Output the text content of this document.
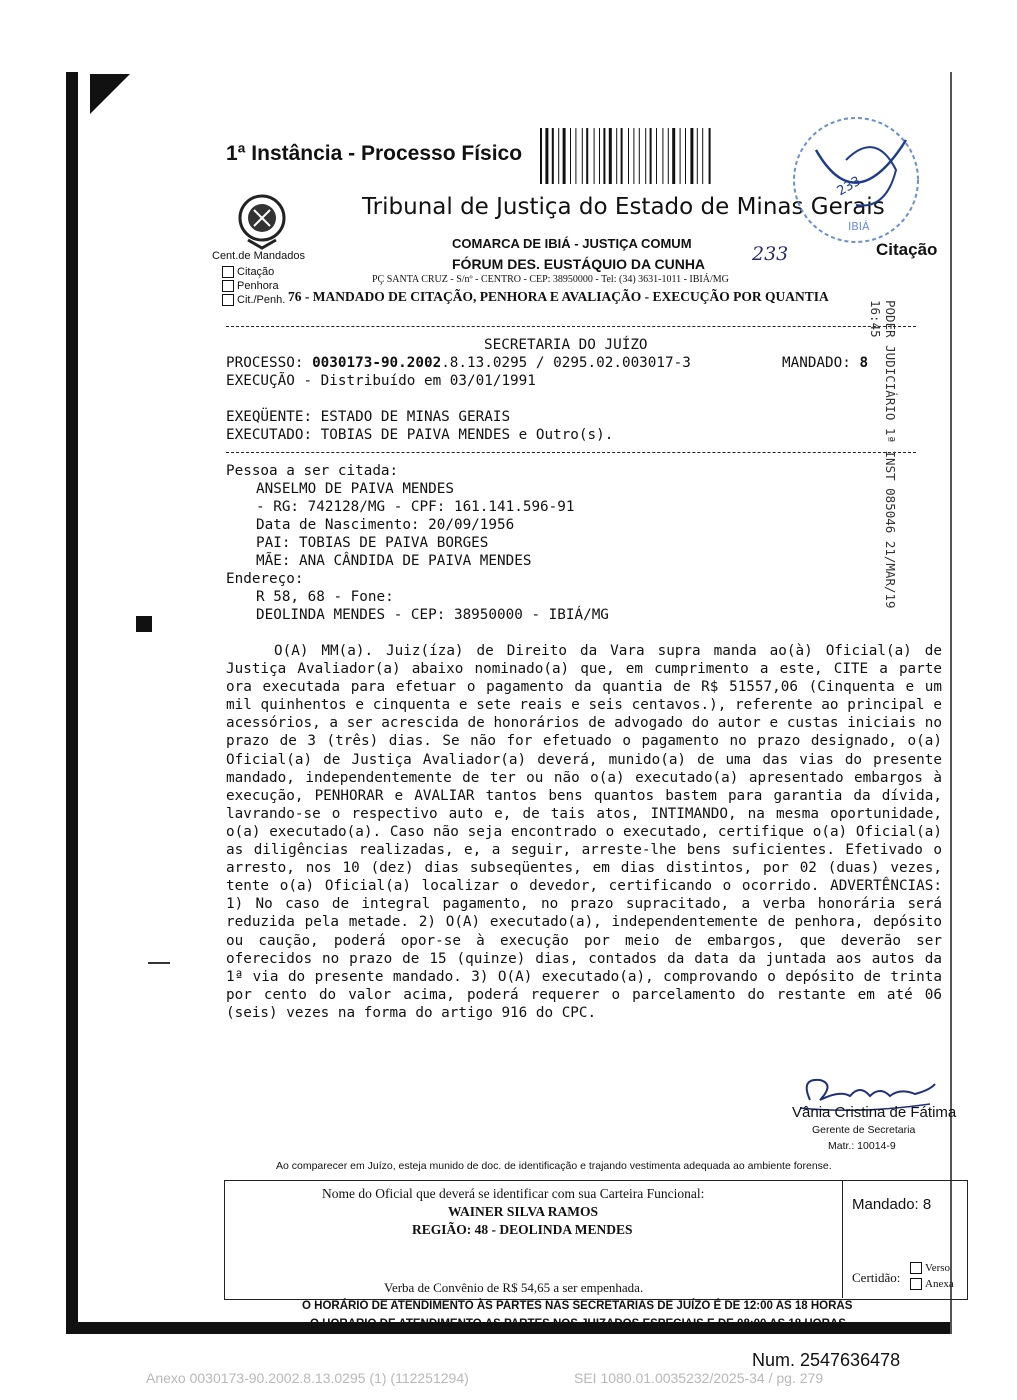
1ª Instância - Processo Físico
Cent.de Mandados
Citação
Penhora
Cit./Penh.
Tribunal de Justiça do Estado de Minas Gerais
COMARCA DE IBIÁ - JUSTIÇA COMUM
FÓRUM DES. EUSTÁQUIO DA CUNHA
Citação
PÇ SANTA CRUZ - S/nº - CENTRO - CEP: 38950000 - Tel: (34) 3631-1011 - IBIÁ/MG
76 - MANDADO DE CITAÇÃO, PENHORA E AVALIAÇÃO - EXECUÇÃO POR QUANTIA
233
IBIÁ
233
SECRETARIA DO JUÍZO
PROCESSO: 0030173-90.2002.8.13.0295 / 0295.02.003017-3	MANDADO: 8
EXECUÇÃO - Distribuído em 03/01/1991
EXEQÜENTE: ESTADO DE MINAS GERAIS
EXECUTADO: TOBIAS DE PAIVA MENDES e Outro(s).
Pessoa a ser citada:
ANSELMO DE PAIVA MENDES
- RG: 742128/MG - CPF: 161.141.596-91
Data de Nascimento: 20/09/1956
PAI: TOBIAS DE PAIVA BORGES
MÃE: ANA CÂNDIDA DE PAIVA MENDES
Endereço:
R 58, 68 - Fone:
DEOLINDA MENDES - CEP: 38950000 - IBIÁ/MG
PODER JUDICIÁRIO 1ª INST 085046 21/MAR/19 16:45
O(A) MM(a). Juiz(íza) de Direito da Vara supra manda ao(à) Oficial(a) de Justiça Avaliador(a) abaixo nominado(a) que, em cumprimento a este, CITE a parte ora executada para efetuar o pagamento da quantia de R$ 51557,06 (Cinquenta e um mil quinhentos e cinquenta e sete reais e seis centavos.), referente ao principal e acessórios, a ser acrescida de honorários de advogado do autor e custas iniciais no prazo de 3 (três) dias. Se não for efetuado o pagamento no prazo designado, o(a) Oficial(a) de Justiça Avaliador(a) deverá, munido(a) de uma das vias do presente mandado, independentemente de ter ou não o(a) executado(a) apresentado embargos à execução, PENHORAR e AVALIAR tantos bens quantos bastem para garantia da dívida, lavrando-se o respectivo auto e, de tais atos, INTIMANDO, na mesma oportunidade, o(a) executado(a). Caso não seja encontrado o executado, certifique o(a) Oficial(a) as diligências realizadas, e, a seguir, arreste-lhe bens suficientes. Efetivado o arresto, nos 10 (dez) dias subseqüentes, em dias distintos, por 02 (duas) vezes, tente o(a) Oficial(a) localizar o devedor, certificando o ocorrido. ADVERTÊNCIAS: 1) No caso de integral pagamento, no prazo supracitado, a verba honorária será reduzida pela metade. 2) O(A) executado(a), independentemente de penhora, depósito ou caução, poderá opor-se à execução por meio de embargos, que deverão ser oferecidos no prazo de 15 (quinze) dias, contados da data da juntada aos autos da 1ª via do presente mandado. 3) O(A) executado(a), comprovando o depósito de trinta por cento do valor acima, poderá requerer o parcelamento do restante em até 06 (seis) vezes na forma do artigo 916 do CPC.
Vânia Cristina de Fátima
Gerente de Secretaria
Matr.: 10014-9
Ao comparecer em Juízo, esteja munido de doc. de identificação e trajando vestimenta adequada ao ambiente forense.
Nome do Oficial que deverá se identificar com sua Carteira Funcional:
WAINER SILVA RAMOS
REGIÃO: 48 - DEOLINDA MENDES
Verba de Convênio de R$ 54,65 a ser empenhada.
Mandado: 8
Certidão:
Verso
Anexa
O HORÁRIO DE ATENDIMENTO ÀS PARTES NAS SECRETARIAS DE JUÍZO É DE 12:00 AS 18 HORAS
O HORÁRIO DE ATENDIMENTO ÀS PARTES NOS JUIZADOS ESPECIAIS É DE 08:00 AS 18 HORAS
Num. 2547636478
Anexo 0030173-90.2002.8.13.0295 (1) (112251294)	SEI 1080.01.0035232/2025-34 / pg. 279
